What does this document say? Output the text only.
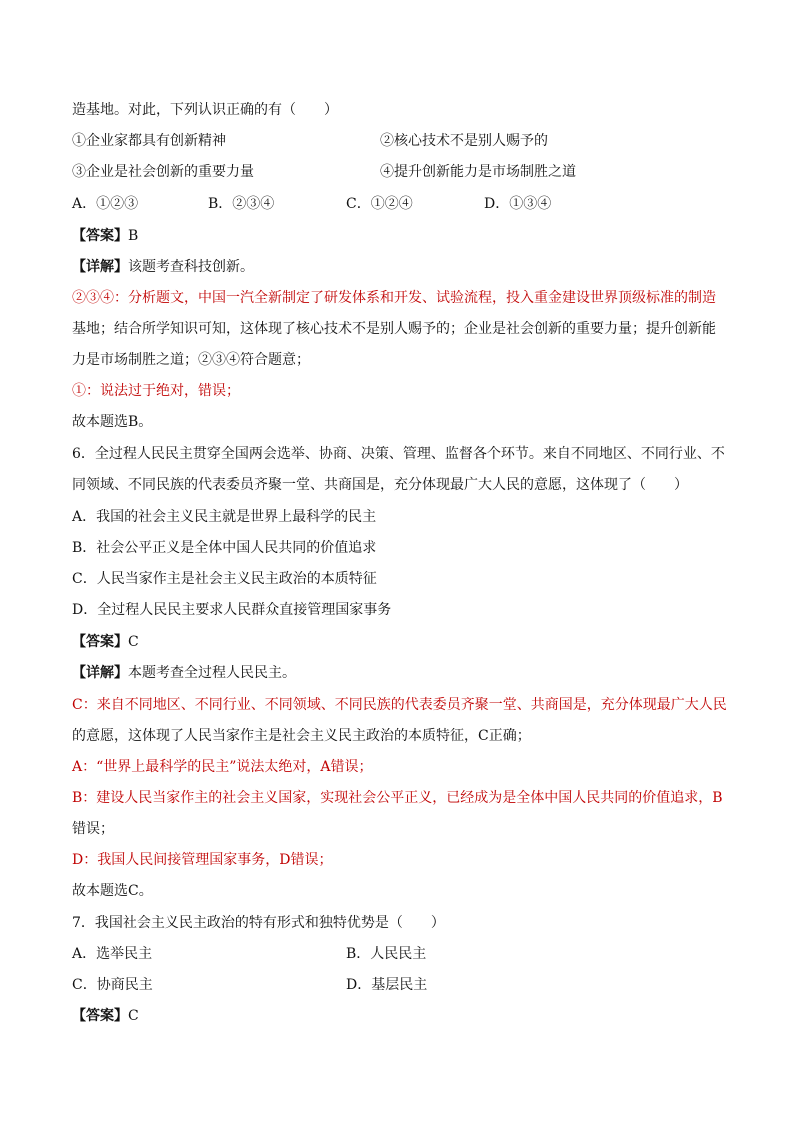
造基地。对此，下列认识正确的有（　　）
①企业家都具有创新精神	②核心技术不是别人赐予的
③企业是社会创新的重要力量	④提升创新能力是市场制胜之道
A．①②③	B．②③④	C．①②④	D．①③④
【答案】B
【详解】该题考查科技创新。
②③④：分析题文，中国一汽全新制定了研发体系和开发、试验流程，投入重金建设世界顶级标准的制造
基地；结合所学知识可知，这体现了核心技术不是别人赐予的；企业是社会创新的重要力量；提升创新能
力是市场制胜之道；②③④符合题意；
①：说法过于绝对，错误；
故本题选B。
6．全过程人民民主贯穿全国两会选举、协商、决策、管理、监督各个环节。来自不同地区、不同行业、不
同领域、不同民族的代表委员齐聚一堂、共商国是，充分体现最广大人民的意愿，这体现了（　　）
A．我国的社会主义民主就是世界上最科学的民主
B．社会公平正义是全体中国人民共同的价值追求
C．人民当家作主是社会主义民主政治的本质特征
D．全过程人民民主要求人民群众直接管理国家事务
【答案】C
【详解】本题考查全过程人民民主。
C：来自不同地区、不同行业、不同领域、不同民族的代表委员齐聚一堂、共商国是，充分体现最广大人民
的意愿，这体现了人民当家作主是社会主义民主政治的本质特征，C正确；
A：“世界上最科学的民主”说法太绝对，A错误；
B：建设人民当家作主的社会主义国家，实现社会公平正义，已经成为是全体中国人民共同的价值追求，B
错误；
D：我国人民间接管理国家事务，D错误；
故本题选C。
7．我国社会主义民主政治的特有形式和独特优势是（　　）
A．选举民主	B．人民民主
C．协商民主	D．基层民主
【答案】C
